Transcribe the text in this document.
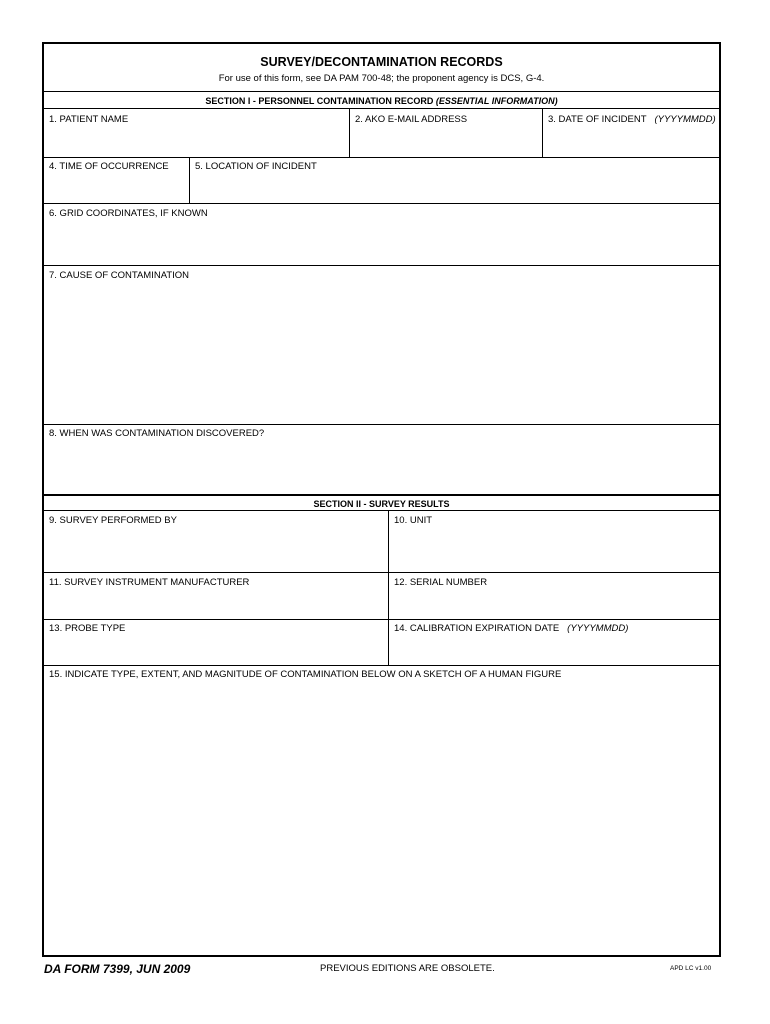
SURVEY/DECONTAMINATION RECORDS
For use of this form, see DA PAM 700-48; the proponent agency is DCS, G-4.
SECTION I - PERSONNEL CONTAMINATION RECORD (ESSENTIAL INFORMATION)
1. PATIENT NAME	2. AKO E-MAIL ADDRESS	3. DATE OF INCIDENT (YYYYMMDD)
4. TIME OF OCCURRENCE	5. LOCATION OF INCIDENT
6. GRID COORDINATES, IF KNOWN
7. CAUSE OF CONTAMINATION
8. WHEN WAS CONTAMINATION DISCOVERED?
SECTION II - SURVEY RESULTS
9. SURVEY PERFORMED BY	10. UNIT
11. SURVEY INSTRUMENT MANUFACTURER	12. SERIAL NUMBER
13. PROBE TYPE	14. CALIBRATION EXPIRATION DATE (YYYYMMDD)
15. INDICATE TYPE, EXTENT, AND MAGNITUDE OF CONTAMINATION BELOW ON A SKETCH OF A HUMAN FIGURE
DA FORM 7399, JUN 2009	PREVIOUS EDITIONS ARE OBSOLETE.	APD LC v1.00
